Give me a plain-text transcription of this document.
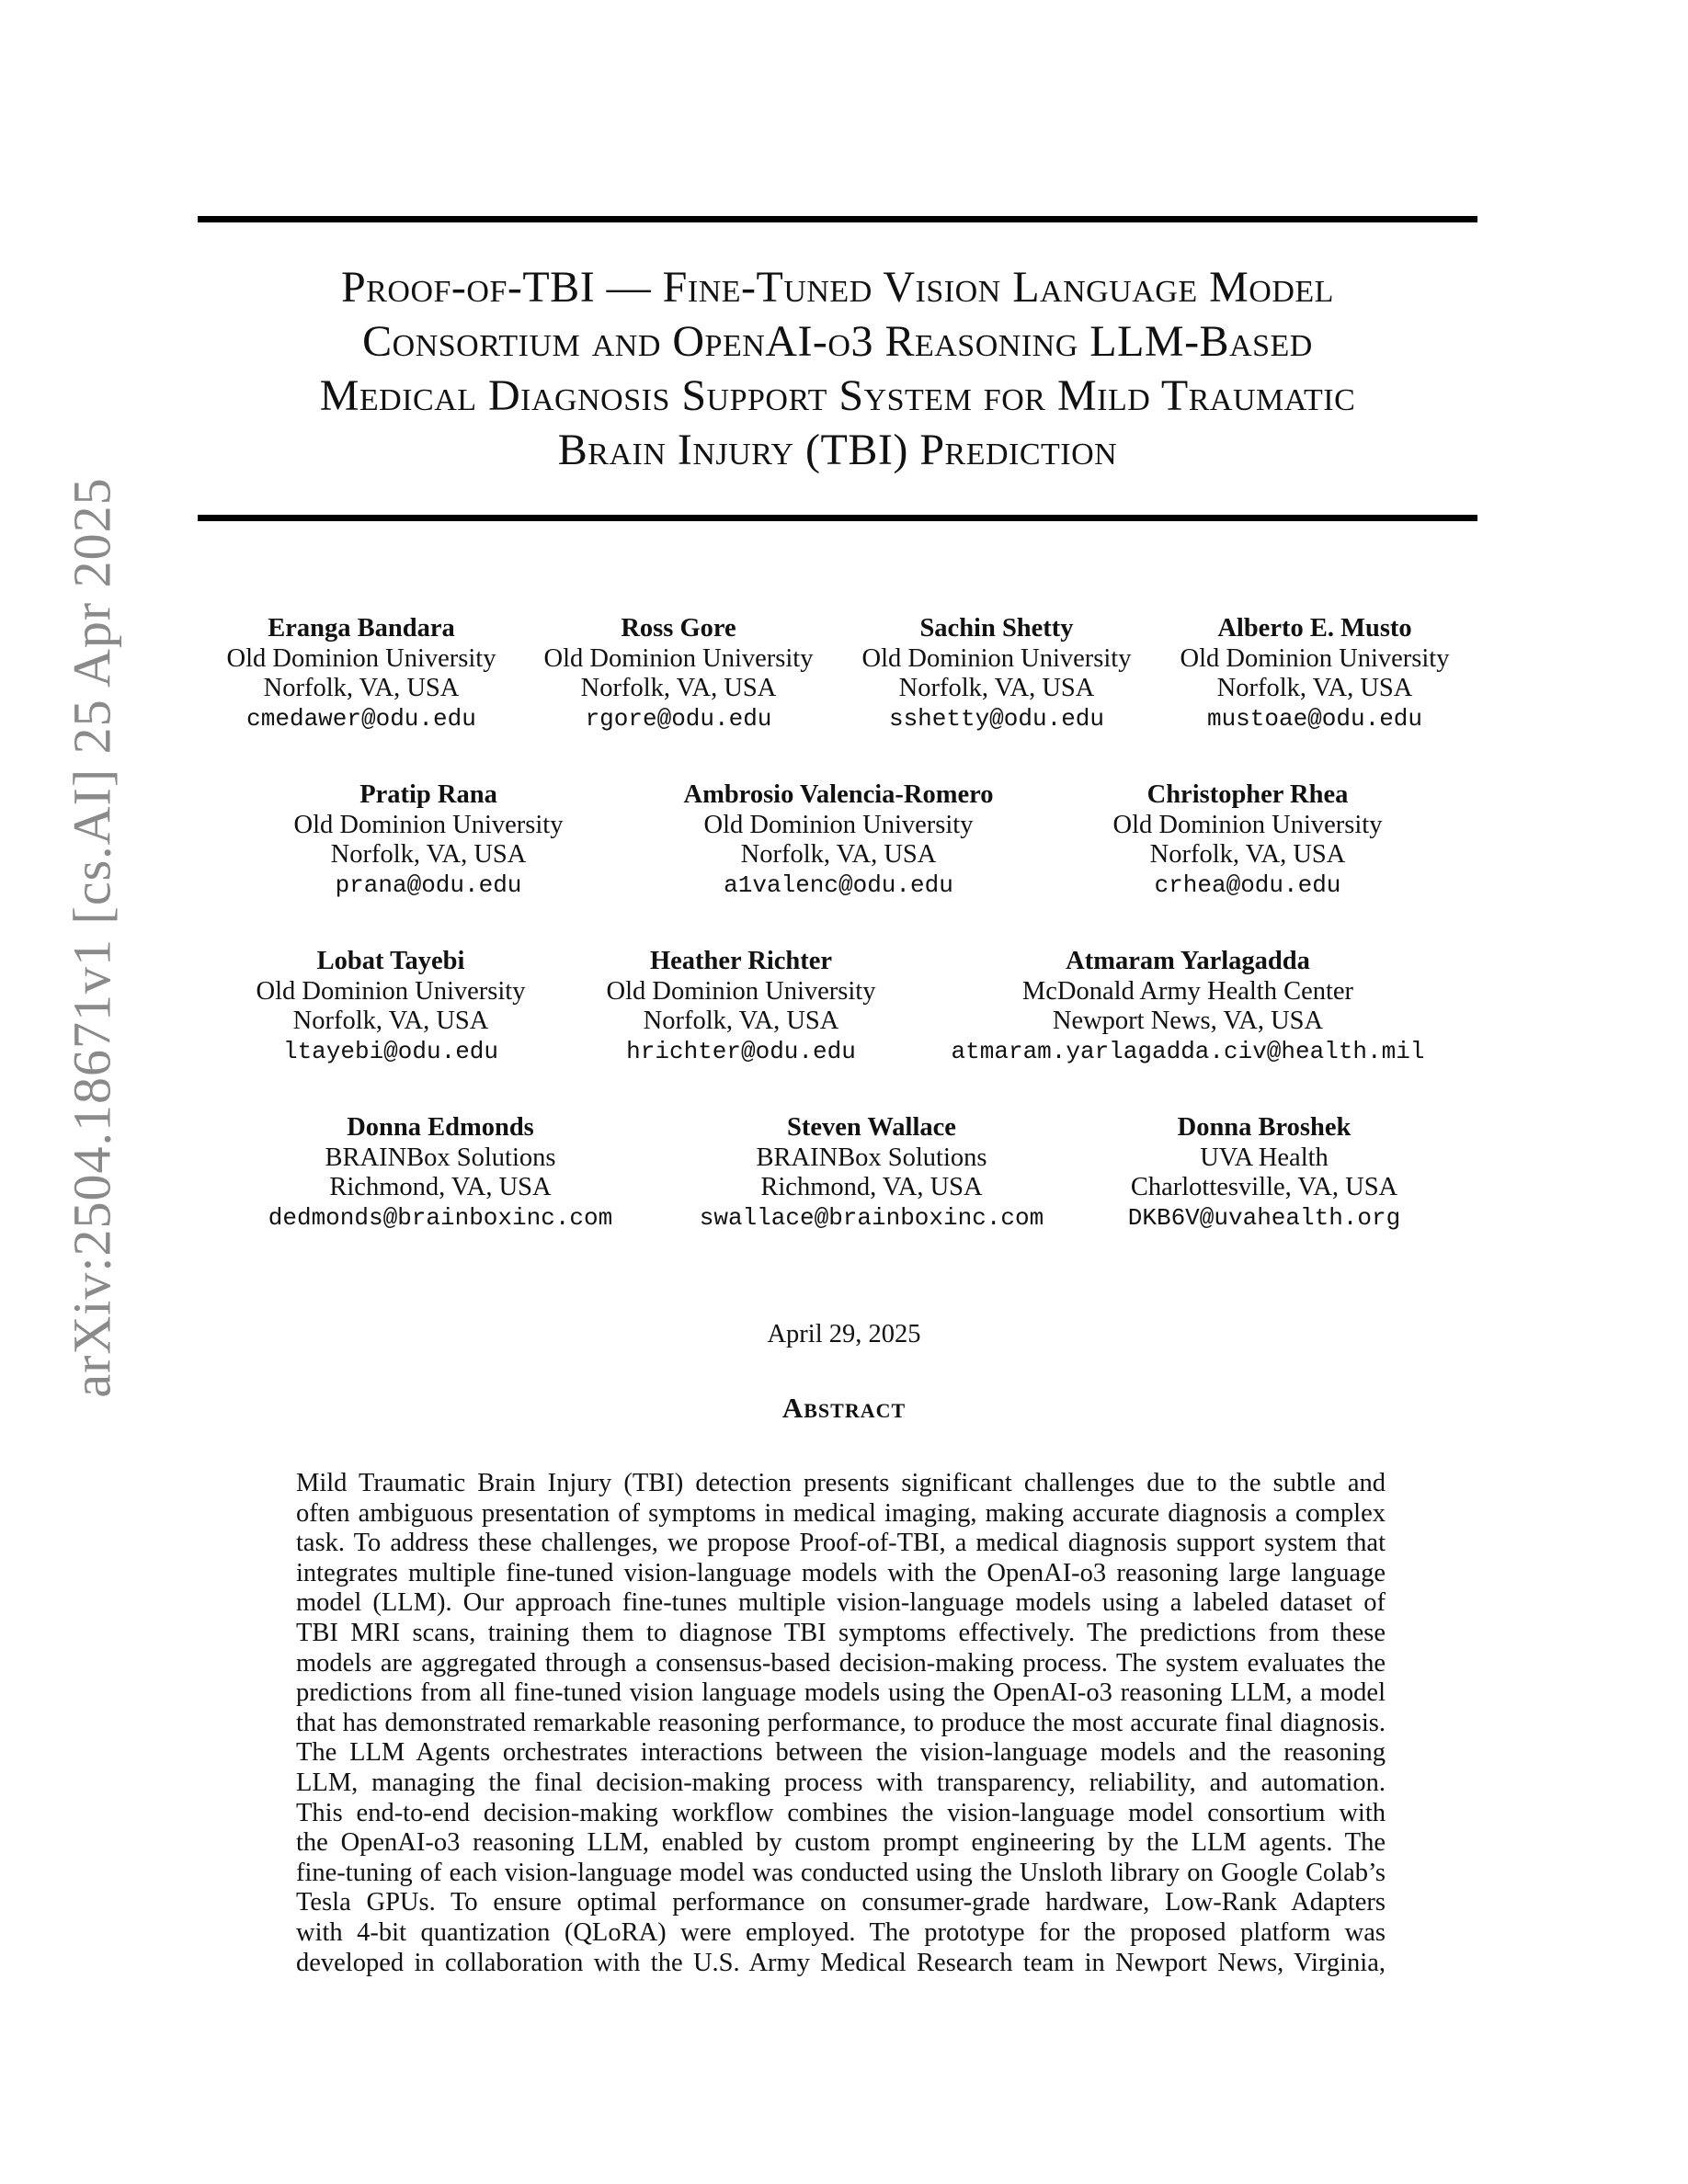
arXiv:2504.18671v1 [cs.AI] 25 Apr 2025
Proof-of-TBI — Fine-Tuned Vision Language Model
Consortium and OpenAI-o3 Reasoning LLM-Based
Medical Diagnosis Support System for Mild Traumatic
Brain Injury (TBI) Prediction
Eranga Bandara
Old Dominion University
Norfolk, VA, USA
cmedawer@odu.edu
Ross Gore
Old Dominion University
Norfolk, VA, USA
rgore@odu.edu
Sachin Shetty
Old Dominion University
Norfolk, VA, USA
sshetty@odu.edu
Alberto E. Musto
Old Dominion University
Norfolk, VA, USA
mustoae@odu.edu
Pratip Rana
Old Dominion University
Norfolk, VA, USA
prana@odu.edu
Ambrosio Valencia-Romero
Old Dominion University
Norfolk, VA, USA
a1valenc@odu.edu
Christopher Rhea
Old Dominion University
Norfolk, VA, USA
crhea@odu.edu
Lobat Tayebi
Old Dominion University
Norfolk, VA, USA
ltayebi@odu.edu
Heather Richter
Old Dominion University
Norfolk, VA, USA
hrichter@odu.edu
Atmaram Yarlagadda
McDonald Army Health Center
Newport News, VA, USA
atmaram.yarlagadda.civ@health.mil
Donna Edmonds
BRAINBox Solutions
Richmond, VA, USA
dedmonds@brainboxinc.com
Steven Wallace
BRAINBox Solutions
Richmond, VA, USA
swallace@brainboxinc.com
Donna Broshek
UVA Health
Charlottesville, VA, USA
DKB6V@uvahealth.org
April 29, 2025
Abstract
Mild Traumatic Brain Injury (TBI) detection presents significant challenges due to the subtle and
often ambiguous presentation of symptoms in medical imaging, making accurate diagnosis a complex
task. To address these challenges, we propose Proof-of-TBI, a medical diagnosis support system that
integrates multiple fine-tuned vision-language models with the OpenAI-o3 reasoning large language
model (LLM). Our approach fine-tunes multiple vision-language models using a labeled dataset of
TBI MRI scans, training them to diagnose TBI symptoms effectively. The predictions from these
models are aggregated through a consensus-based decision-making process. The system evaluates the
predictions from all fine-tuned vision language models using the OpenAI-o3 reasoning LLM, a model
that has demonstrated remarkable reasoning performance, to produce the most accurate final diagnosis.
The LLM Agents orchestrates interactions between the vision-language models and the reasoning
LLM, managing the final decision-making process with transparency, reliability, and automation.
This end-to-end decision-making workflow combines the vision-language model consortium with
the OpenAI-o3 reasoning LLM, enabled by custom prompt engineering by the LLM agents. The
fine-tuning of each vision-language model was conducted using the Unsloth library on Google Colab’s
Tesla GPUs. To ensure optimal performance on consumer-grade hardware, Low-Rank Adapters
with 4-bit quantization (QLoRA) were employed. The prototype for the proposed platform was
developed in collaboration with the U.S. Army Medical Research team in Newport News, Virginia,
